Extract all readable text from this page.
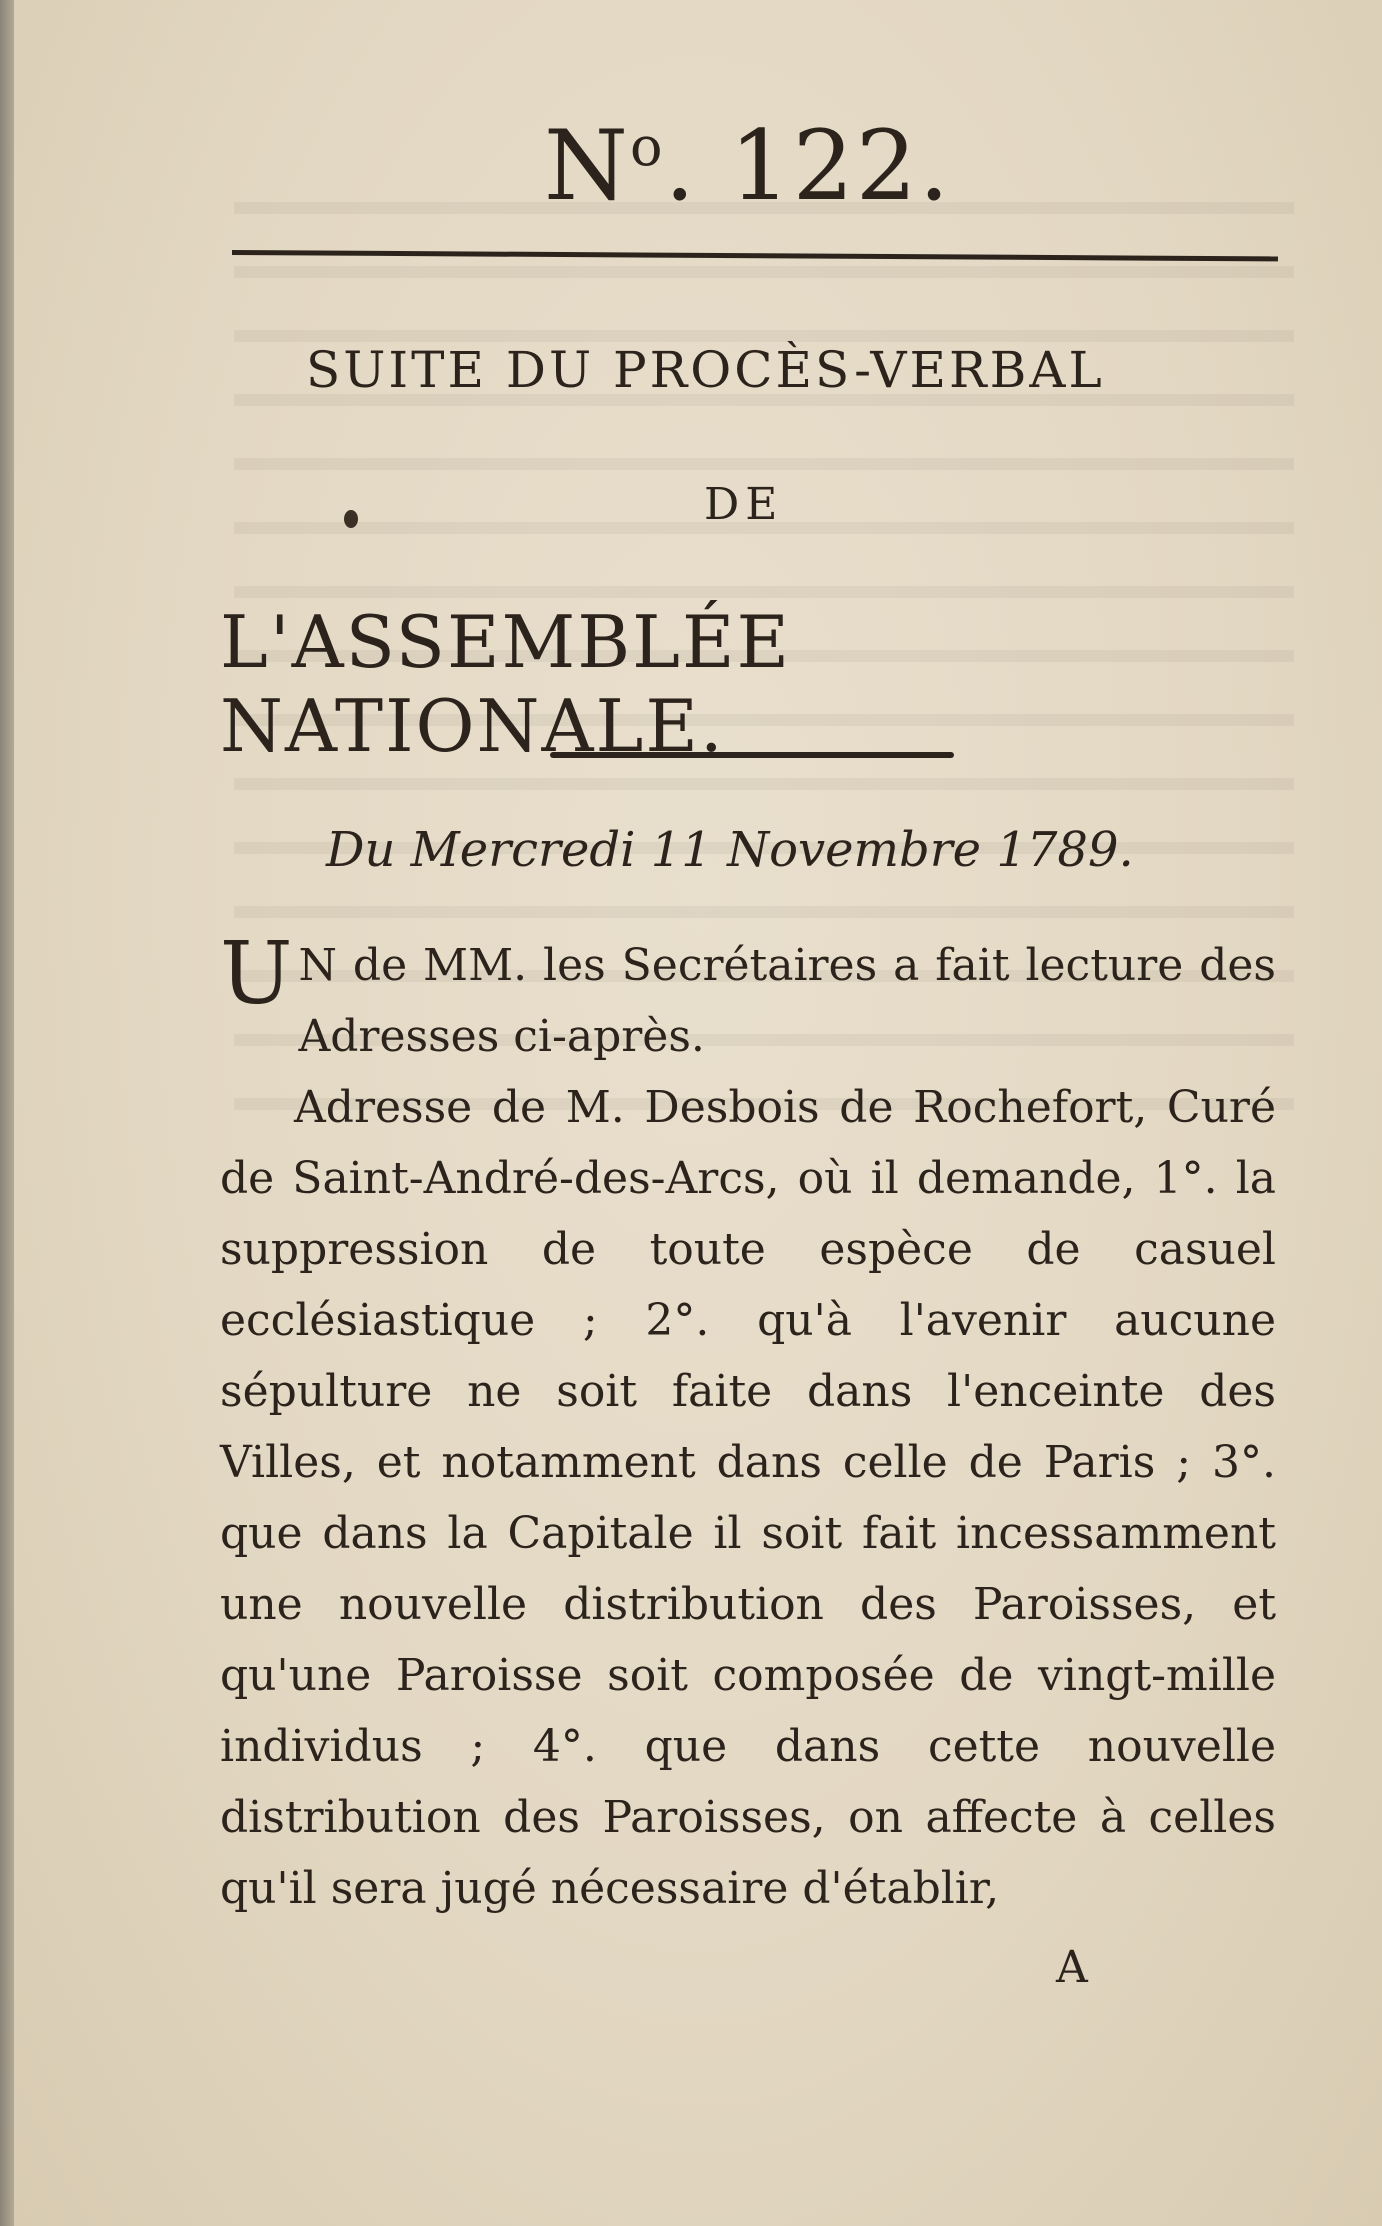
$N^o$. 122.
SUITE DU PROCÈS-VERBAL
DE
L'ASSEMBLÉE NATIONALE.
Du Mercredi 11 Novembre 1789.

U N de MM. les Secrétaires a fait lecture des Adresses ci-après.

Adresse de M. Desbois de Rochefort, Curé de Saint-André-des-Arcs, où il demande, 1°. la suppression de toute espèce de casuel ecclésiastique ; 2°. qu'à l'avenir aucune sépulture ne soit faite dans l'enceinte des Villes, et notamment dans celle de Paris ; 3°. que dans la Capitale il soit fait incessamment une nouvelle distribution des Paroisses, et qu'une Paroisse soit composée de vingt-mille individus ; 4°. que dans cette nouvelle distribution des Paroisses, on affecte à celles qu'il sera jugé nécessaire d'établir,

A
